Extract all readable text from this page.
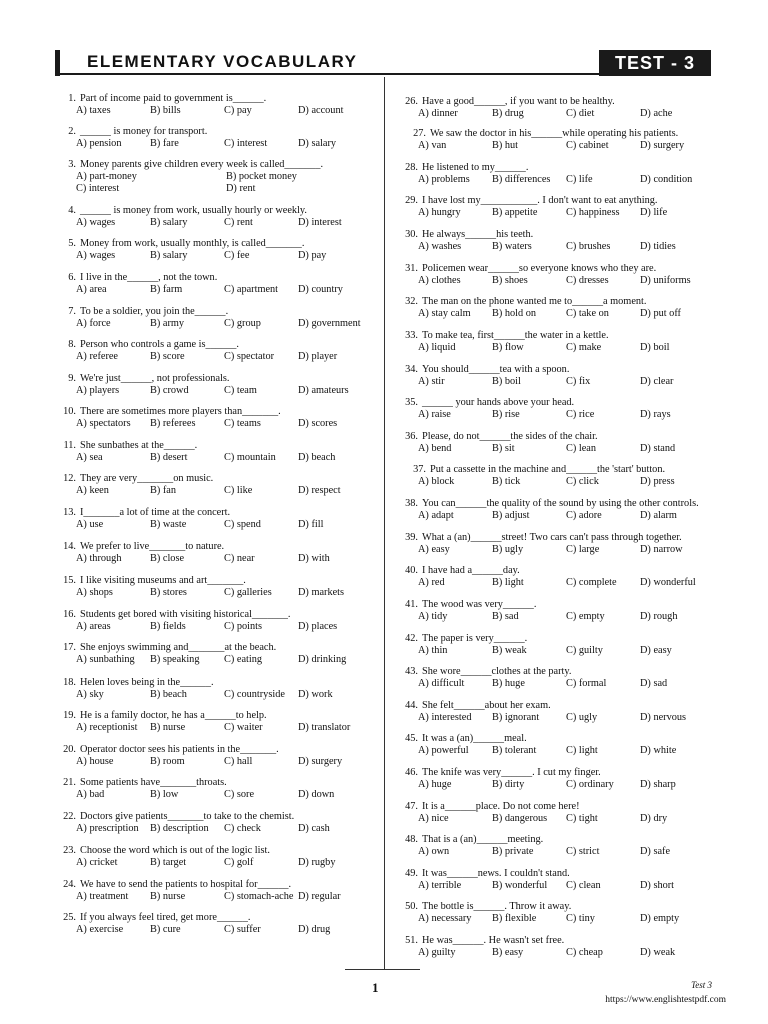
ELEMENTARY VOCABULARY	TEST - 3
1. Part of income paid to government is______.
A) taxes	B) bills	C) pay	D) account
2. ______ is money for transport.
A) pension	B) fare	C) interest	D) salary
3. Money parents give children every week is called_______.
A) part-money	B) pocket money
C) interest	D) rent
4. ______ is money from work, usually hourly or weekly.
A) wages	B) salary	C) rent	D) interest
5. Money from work, usually monthly, is called_______.
A) wages	B) salary	C) fee	D) pay
6. I live in the______, not the town.
A) area	B) farm	C) apartment	D) country
7. To be a soldier, you join the______.
A) force	B) army	C) group	D) government
8. Person who controls a game is______.
A) referee	B) score	C) spectator	D) player
9. We're just______, not professionals.
A) players	B) crowd	C) team	D) amateurs
10. There are sometimes more players than_______.
A) spectators	B) referees	C) teams	D) scores
11. She sunbathes at the______.
A) sea	B) desert	C) mountain	D) beach
12. They are very_______on music.
A) keen	B) fan	C) like	D) respect
13. I_______a lot of time at the concert.
A) use	B) waste	C) spend	D) fill
14. We prefer to live_______to nature.
A) through	B) close	C) near	D) with
15. I like visiting museums and art_______.
A) shops	B) stores	C) galleries	D) markets
16. Students get bored with visiting historical_______.
A) areas	B) fields	C) points	D) places
17. She enjoys swimming and_______at the beach.
A) sunbathing	B) speaking	C) eating	D) drinking
18. Helen loves being in the______.
A) sky	B) beach	C) countryside	D) work
19. He is a family doctor, he has a______to help.
A) receptionist	B) nurse	C) waiter	D) translator
20. Operator doctor sees his patients in the_______.
A) house	B) room	C) hall	D) surgery
21. Some patients have_______throats.
A) bad	B) low	C) sore	D) down
22. Doctors give patients_______to take to the chemist.
A) prescription	B) description	C) check	D) cash
23. Choose the word which is out of the logic list.
A) cricket	B) target	C) golf	D) rugby
24. We have to send the patients to hospital for______.
A) treatment	B) nurse	C) stomach-ache D) regular
25. If you always feel tired, get more______.
A) exercise	B) cure	C) suffer	D) drug
26. Have a good______, if you want to be healthy.
A) dinner	B) drug	C) diet	D) ache
27. We saw the doctor in his______while operating his patients.
A) van	B) hut	C) cabinet	D) surgery
28. He listened to my______.
A) problems	B) differences	C) life	D) condition
29. I have lost my___________. I don't want to eat anything.
A) hungry	B) appetite	C) happiness	D) life
30. He always______his teeth.
A) washes	B) waters	C) brushes	D) tidies
31. Policemen wear______so everyone knows who they are.
A) clothes	B) shoes	C) dresses	D) uniforms
32. The man on the phone wanted me to______a moment.
A) stay calm	B) hold on	C) take on	D) put off
33. To make tea, first______the water in a kettle.
A) liquid	B) flow	C) make	D) boil
34. You should______tea with a spoon.
A) stir	B) boil	C) fix	D) clear
35. ______ your hands above your head.
A) raise	B) rise	C) rice	D) rays
36. Please, do not______the sides of the chair.
A) bend	B) sit	C) lean	D) stand
37. Put a cassette in the machine and______the 'start' button.
A) block	B) tick	C) click	D) press
38. You can______the quality of the sound by using the other controls.
A) adapt	B) adjust	C) adore	D) alarm
39. What a (an)______street! Two cars can't pass through together.
A) easy	B) ugly	C) large	D) narrow
40. I have had a______day.
A) red	B) light	C) complete	D) wonderful
41. The wood was very______.
A) tidy	B) sad	C) empty	D) rough
42. The paper is very______.
A) thin	B) weak	C) guilty	D) easy
43. She wore______clothes at the party.
A) difficult	B) huge	C) formal	D) sad
44. She felt______about her exam.
A) interested	B) ignorant	C) ugly	D) nervous
45. It was a (an)______meal.
A) powerful	B) tolerant	C) light	D) white
46. The knife was very______. I cut my finger.
A) huge	B) dirty	C) ordinary	D) sharp
47. It is a______place. Do not come here!
A) nice	B) dangerous	C) tight	D) dry
48. That is a (an)______meeting.
A) own	B) private	C) strict	D) safe
49. It was______news. I couldn't stand.
A) terrible	B) wonderful	C) clean	D) short
50. The bottle is______. Throw it away.
A) necessary	B) flexible	C) tiny	D) empty
51. He was______. He wasn't set free.
A) guilty	B) easy	C) cheap	D) weak
1	Test 3
https://www.englishtestpdf.com
